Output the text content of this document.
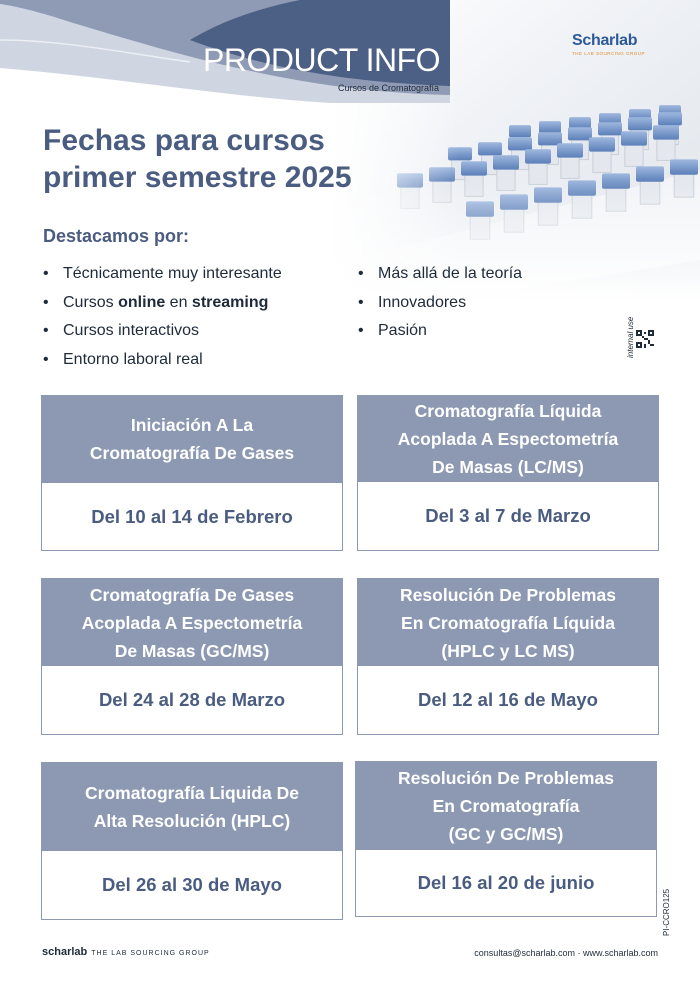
PRODUCT INFO
Cursos de Cromatografía
Scharlab
THE LAB SOURCING GROUP
Fechas para cursos
primer semestre 2025
Destacamos por:
• Técnicamente muy interesante
• Cursos online en streaming
• Cursos interactivos
• Entorno laboral real
• Más allá de la teoría
• Innovadores
• Pasión	internal use
Iniciación A La
Cromatografía De Gases
Del 10 al 14 de Febrero
Cromatografía Líquida
Acoplada A Espectometría
De Masas (LC/MS)
Del 3 al 7 de Marzo
Cromatografía De Gases
Acoplada A Espectometría
De Masas (GC/MS)
Del 24 al 28 de Marzo
Resolución De Problemas
En Cromatografía Líquida
(HPLC y LC MS)
Del 12 al 16 de Mayo
Cromatografía Liquida De
Alta Resolución (HPLC)
Del 26 al 30 de Mayo
Resolución De Problemas
En Cromatografía
(GC y GC/MS)
Del 16 al 20 de junio
PI-CCRO125
scharlab THE LAB SOURCING GROUP	consultas@scharlab.com · www.scharlab.com
